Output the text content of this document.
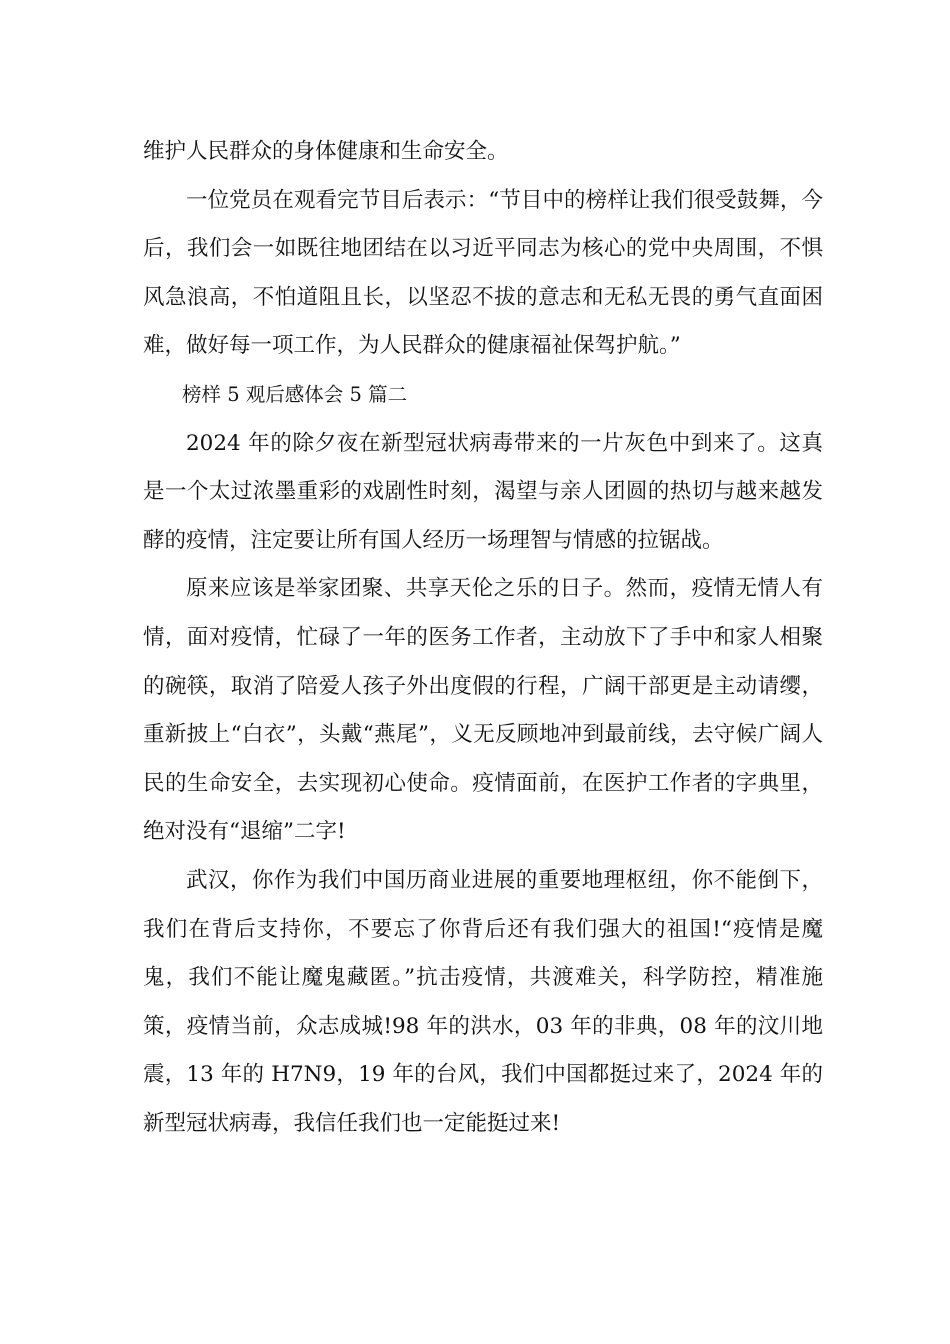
维护人民群众的身体健康和生命安全。

一位党员在观看完节目后表示：“节目中的榜样让我们很受鼓舞，今后，我们会一如既往地团结在以习近平同志为核心的党中央周围，不惧风急浪高，不怕道阻且长，以坚忍不拔的意志和无私无畏的勇气直面困难，做好每一项工作，为人民群众的健康福祉保驾护航。”

榜样 5 观后感体会 5 篇二

2024 年的除夕夜在新型冠状病毒带来的一片灰色中到来了。这真是一个太过浓墨重彩的戏剧性时刻，渴望与亲人团圆的热切与越来越发酵的疫情，注定要让所有国人经历一场理智与情感的拉锯战。

原来应该是举家团聚、共享天伦之乐的日子。然而，疫情无情人有情，面对疫情，忙碌了一年的医务工作者，主动放下了手中和家人相聚的碗筷，取消了陪爱人孩子外出度假的行程，广阔干部更是主动请缨，重新披上“白衣”，头戴“燕尾”，义无反顾地冲到最前线，去守候广阔人民的生命安全，去实现初心使命。疫情面前，在医护工作者的字典里，绝对没有“退缩”二字!

武汉，你作为我们中国历商业进展的重要地理枢纽，你不能倒下，我们在背后支持你，不要忘了你背后还有我们强大的祖国!“疫情是魔鬼，我们不能让魔鬼藏匿。”抗击疫情，共渡难关，科学防控，精准施策，疫情当前，众志成城!98 年的洪水，03 年的非典，08 年的汶川地震，13 年的 H7N9，19 年的台风，我们中国都挺过来了，2024 年的新型冠状病毒，我信任我们也一定能挺过来!
